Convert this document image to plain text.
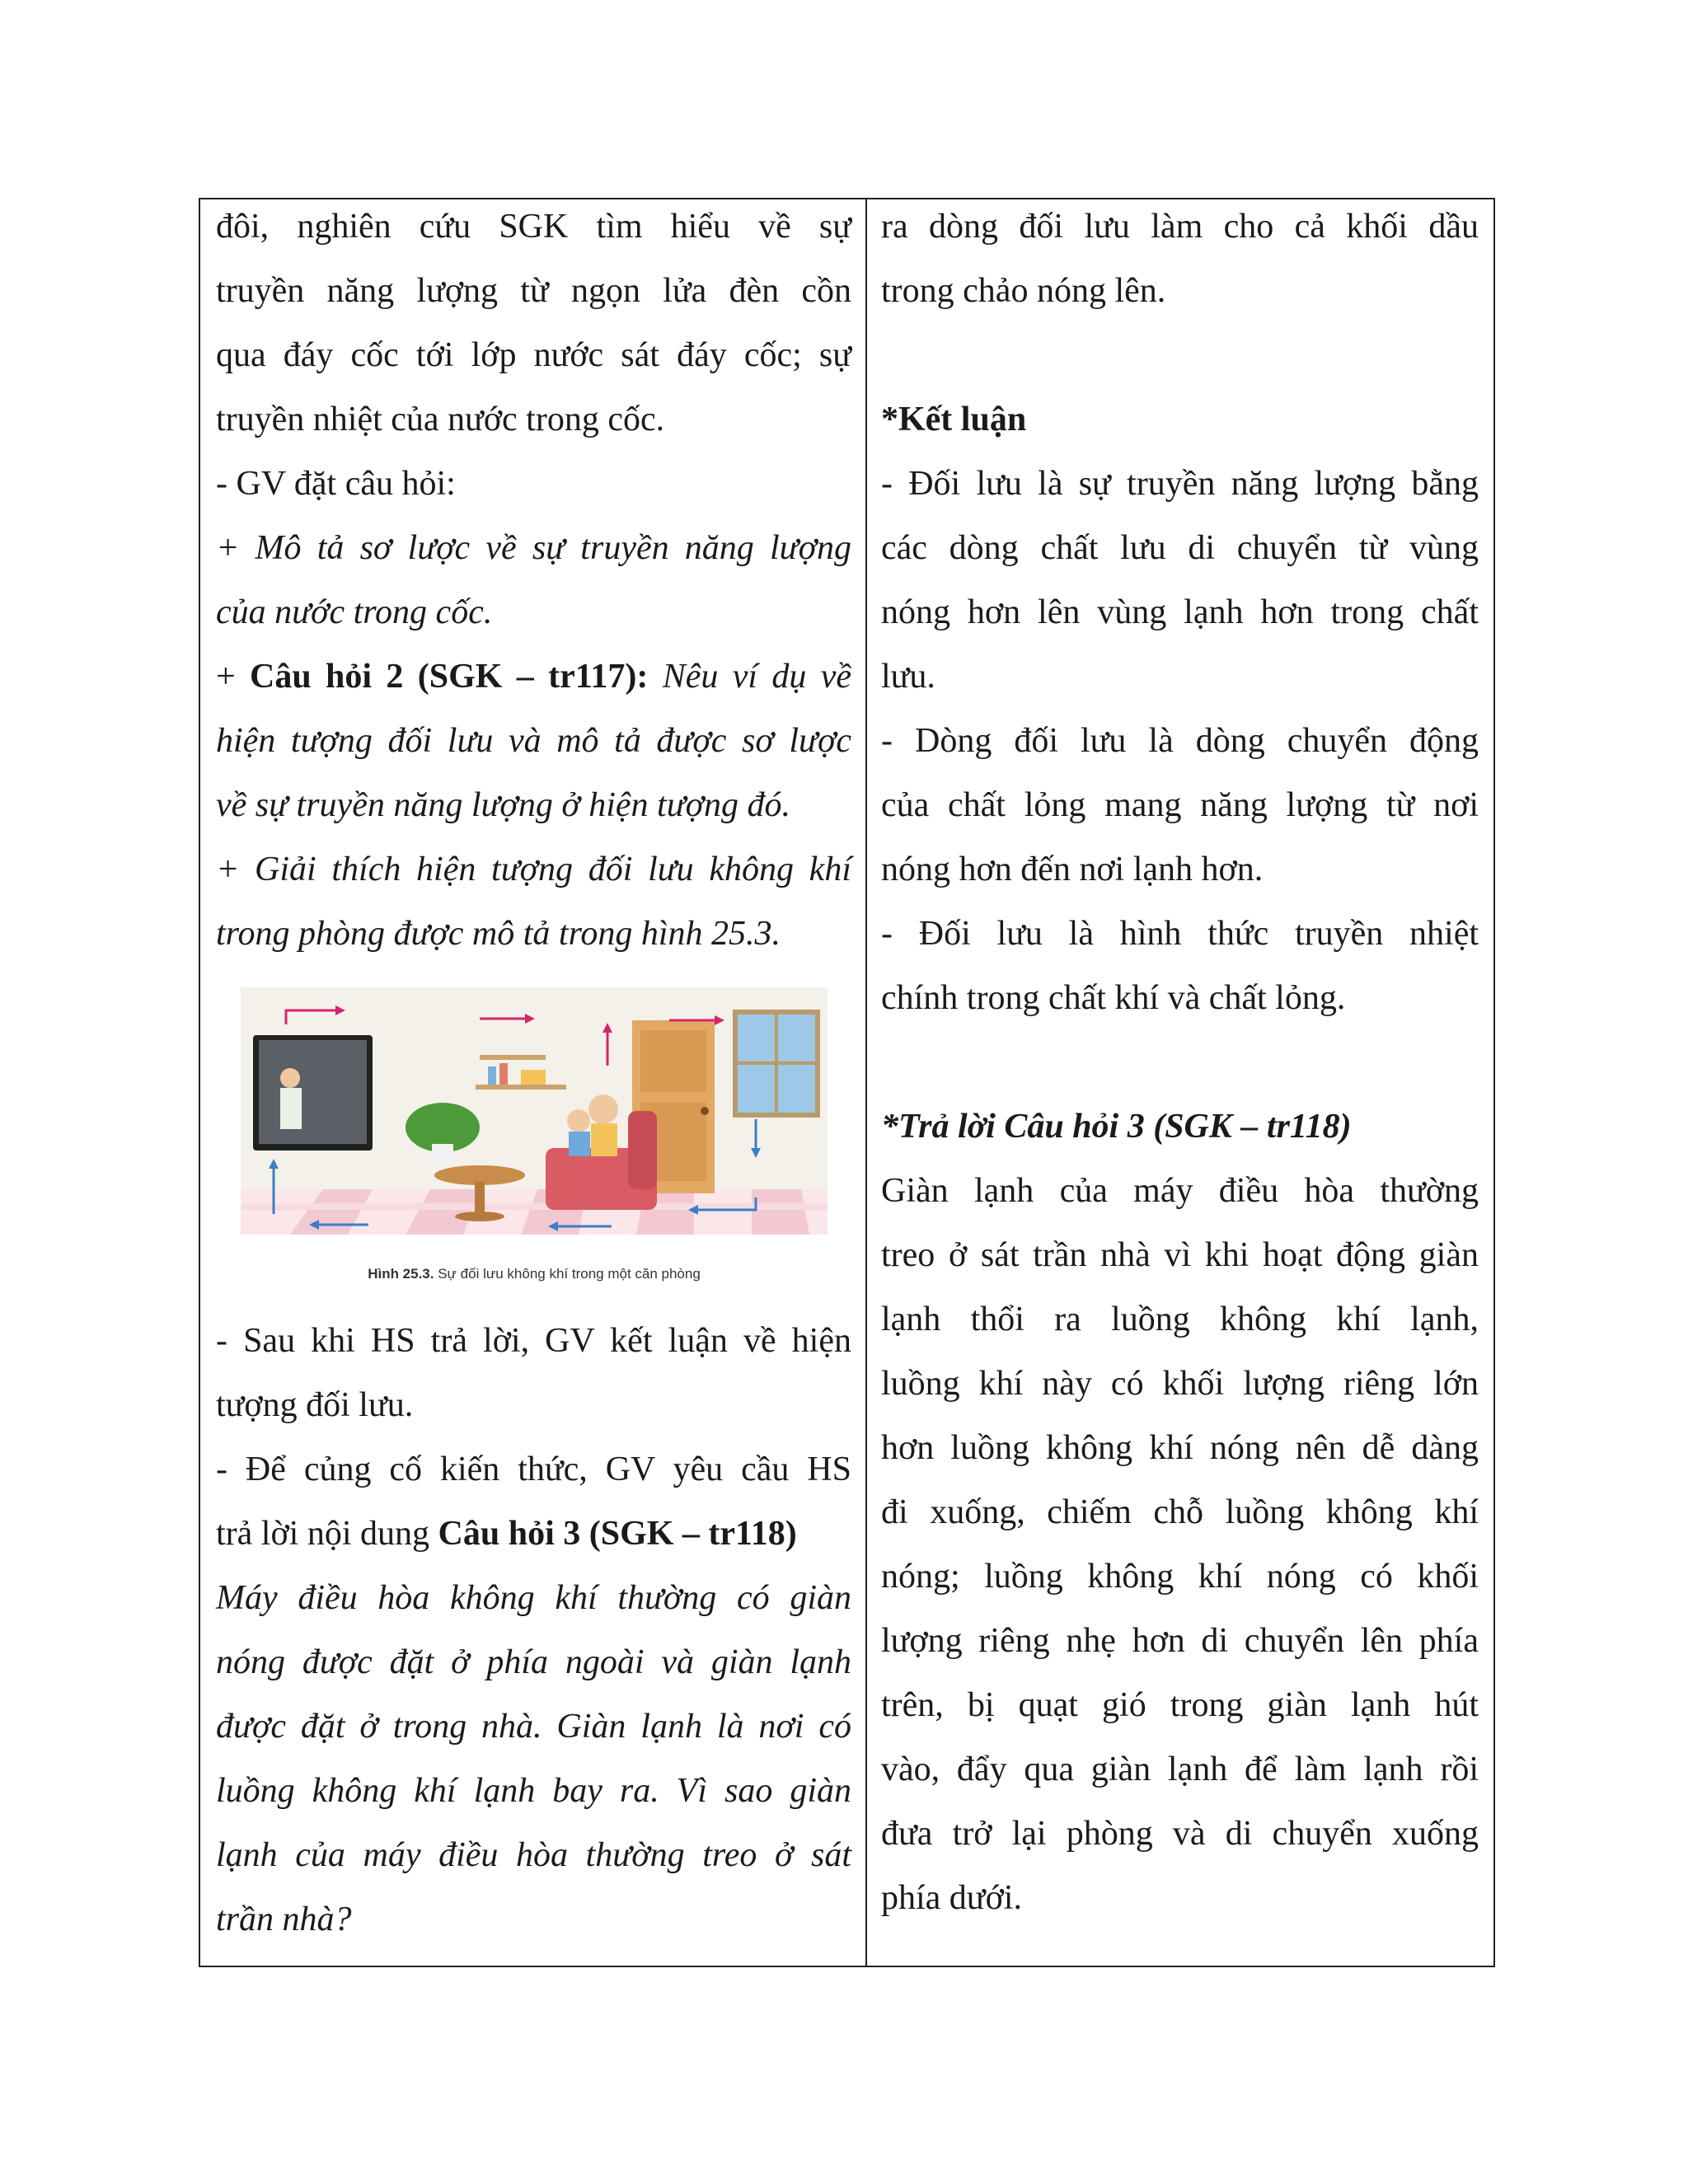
đôi, nghiên cứu SGK tìm hiểu về sự
truyền năng lượng từ ngọn lửa đèn cồn
qua đáy cốc tới lớp nước sát đáy cốc; sự
truyền nhiệt của nước trong cốc.
- GV đặt câu hỏi:
+ Mô tả sơ lược về sự truyền năng lượng
của nước trong cốc.
+ Câu hỏi 2 (SGK – tr117): Nêu ví dụ về
hiện tượng đối lưu và mô tả được sơ lược
về sự truyền năng lượng ở hiện tượng đó.
+ Giải thích hiện tượng đối lưu không khí
trong phòng được mô tả trong hình 25.3.
Hình 25.3. Sự đối lưu không khí trong một căn phòng
- Sau khi HS trả lời, GV kết luận về hiện
tượng đối lưu.
- Để củng cố kiến thức, GV yêu cầu HS
trả lời nội dung Câu hỏi 3 (SGK – tr118)
Máy điều hòa không khí thường có giàn
nóng được đặt ở phía ngoài và giàn lạnh
được đặt ở trong nhà. Giàn lạnh là nơi có
luồng không khí lạnh bay ra. Vì sao giàn
lạnh của máy điều hòa thường treo ở sát
trần nhà?
ra dòng đối lưu làm cho cả khối dầu
trong chảo nóng lên.
*Kết luận
- Đối lưu là sự truyền năng lượng bằng
các dòng chất lưu di chuyển từ vùng
nóng hơn lên vùng lạnh hơn trong chất
lưu.
- Dòng đối lưu là dòng chuyển động
của chất lỏng mang năng lượng từ nơi
nóng hơn đến nơi lạnh hơn.
- Đối lưu là hình thức truyền nhiệt
chính trong chất khí và chất lỏng.
*Trả lời Câu hỏi 3 (SGK – tr118)
Giàn lạnh của máy điều hòa thường
treo ở sát trần nhà vì khi hoạt động giàn
lạnh thổi ra luồng không khí lạnh,
luồng khí này có khối lượng riêng lớn
hơn luồng không khí nóng nên dễ dàng
đi xuống, chiếm chỗ luồng không khí
nóng; luồng không khí nóng có khối
lượng riêng nhẹ hơn di chuyển lên phía
trên, bị quạt gió trong giàn lạnh hút
vào, đẩy qua giàn lạnh để làm lạnh rồi
đưa trở lại phòng và di chuyển xuống
phía dưới.
